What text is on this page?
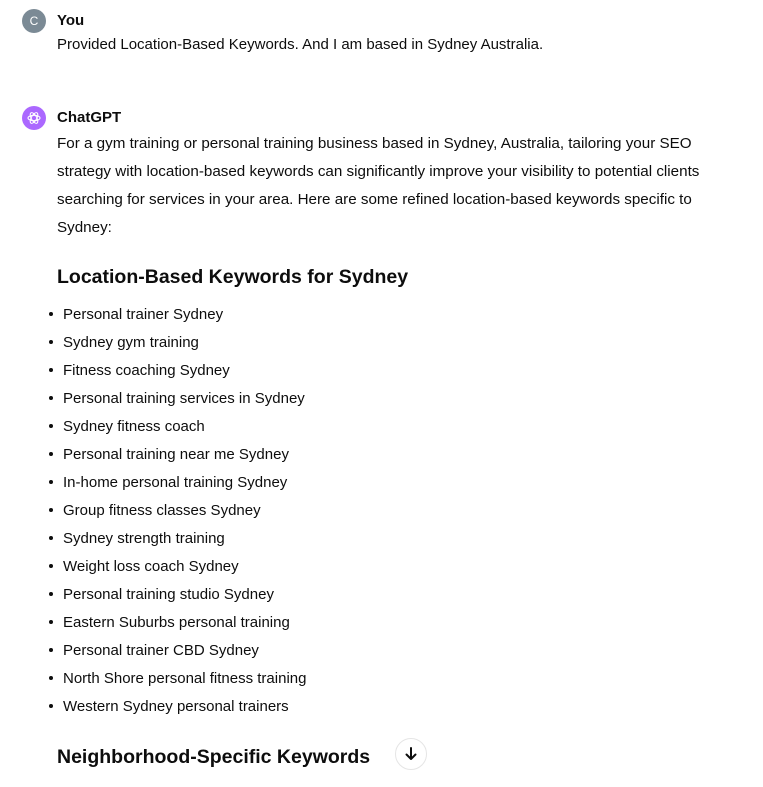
C You
Provided Location-Based Keywords. And I am based in Sydney Australia.
ChatGPT
For a gym training or personal training business based in Sydney, Australia, tailoring your SEO strategy with location-based keywords can significantly improve your visibility to potential clients searching for services in your area. Here are some refined location-based keywords specific to Sydney:
Location-Based Keywords for Sydney
Personal trainer Sydney
Sydney gym training
Fitness coaching Sydney
Personal training services in Sydney
Sydney fitness coach
Personal training near me Sydney
In-home personal training Sydney
Group fitness classes Sydney
Sydney strength training
Weight loss coach Sydney
Personal training studio Sydney
Eastern Suburbs personal training
Personal trainer CBD Sydney
North Shore personal fitness training
Western Sydney personal trainers
Neighborhood-Specific Keywords
